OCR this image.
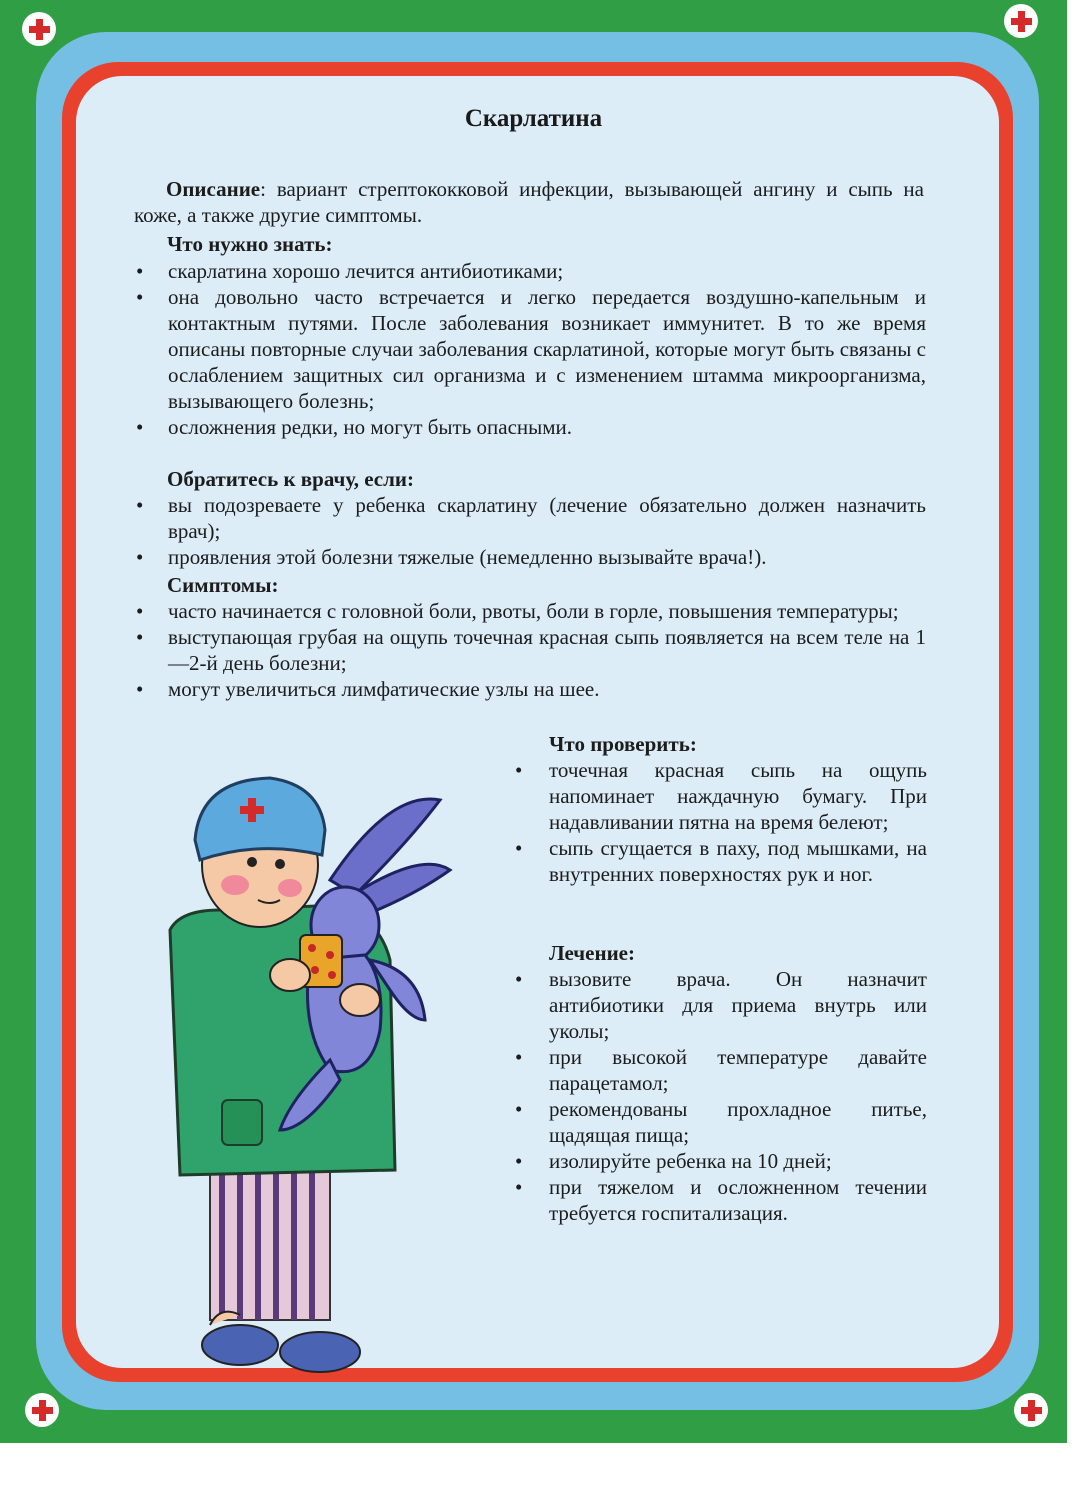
Скарлатина
Описание: вариант стрептококковой инфекции, вызывающей ангину и сыпь на коже, а также другие симптомы.
Что нужно знать:
• скарлатина хорошо лечится антибиотиками;
• она довольно часто встречается и легко передается воздушно-капельным и контактным путями. После заболевания возникает иммунитет. В то же время описаны повторные случаи заболевания скарлатиной, которые могут быть связаны с ослаблением защитных сил организма и с изменением штамма микроорганизма, вызывающего болезнь;
• осложнения редки, но могут быть опасными.
Обратитесь к врачу, если:
• вы подозреваете у ребенка скарлатину (лечение обязательно должен назначить врач);
• проявления этой болезни тяжелые (немедленно вызывайте врача!).
Симптомы:
• часто начинается с головной боли, рвоты, боли в горле, повышения температуры;
• выступающая грубая на ощупь точечная красная сыпь появляется на всем теле на 1—2-й день болезни;
• могут увеличиться лимфатические узлы на шее.
Что проверить:
• точечная красная сыпь на ощупь напоминает наждачную бумагу. При надавливании пятна на время белеют;
• сыпь сгущается в паху, под мышками, на внутренних поверхностях рук и ног.
Лечение:
• вызовите врача. Он назначит антибиотики для приема внутрь или уколы;
• при высокой температуре давайте парацетамол;
• рекомендованы прохладное питье, щадящая пища;
• изолируйте ребенка на 10 дней;
• при тяжелом и осложненном течении требуется госпитализация.
